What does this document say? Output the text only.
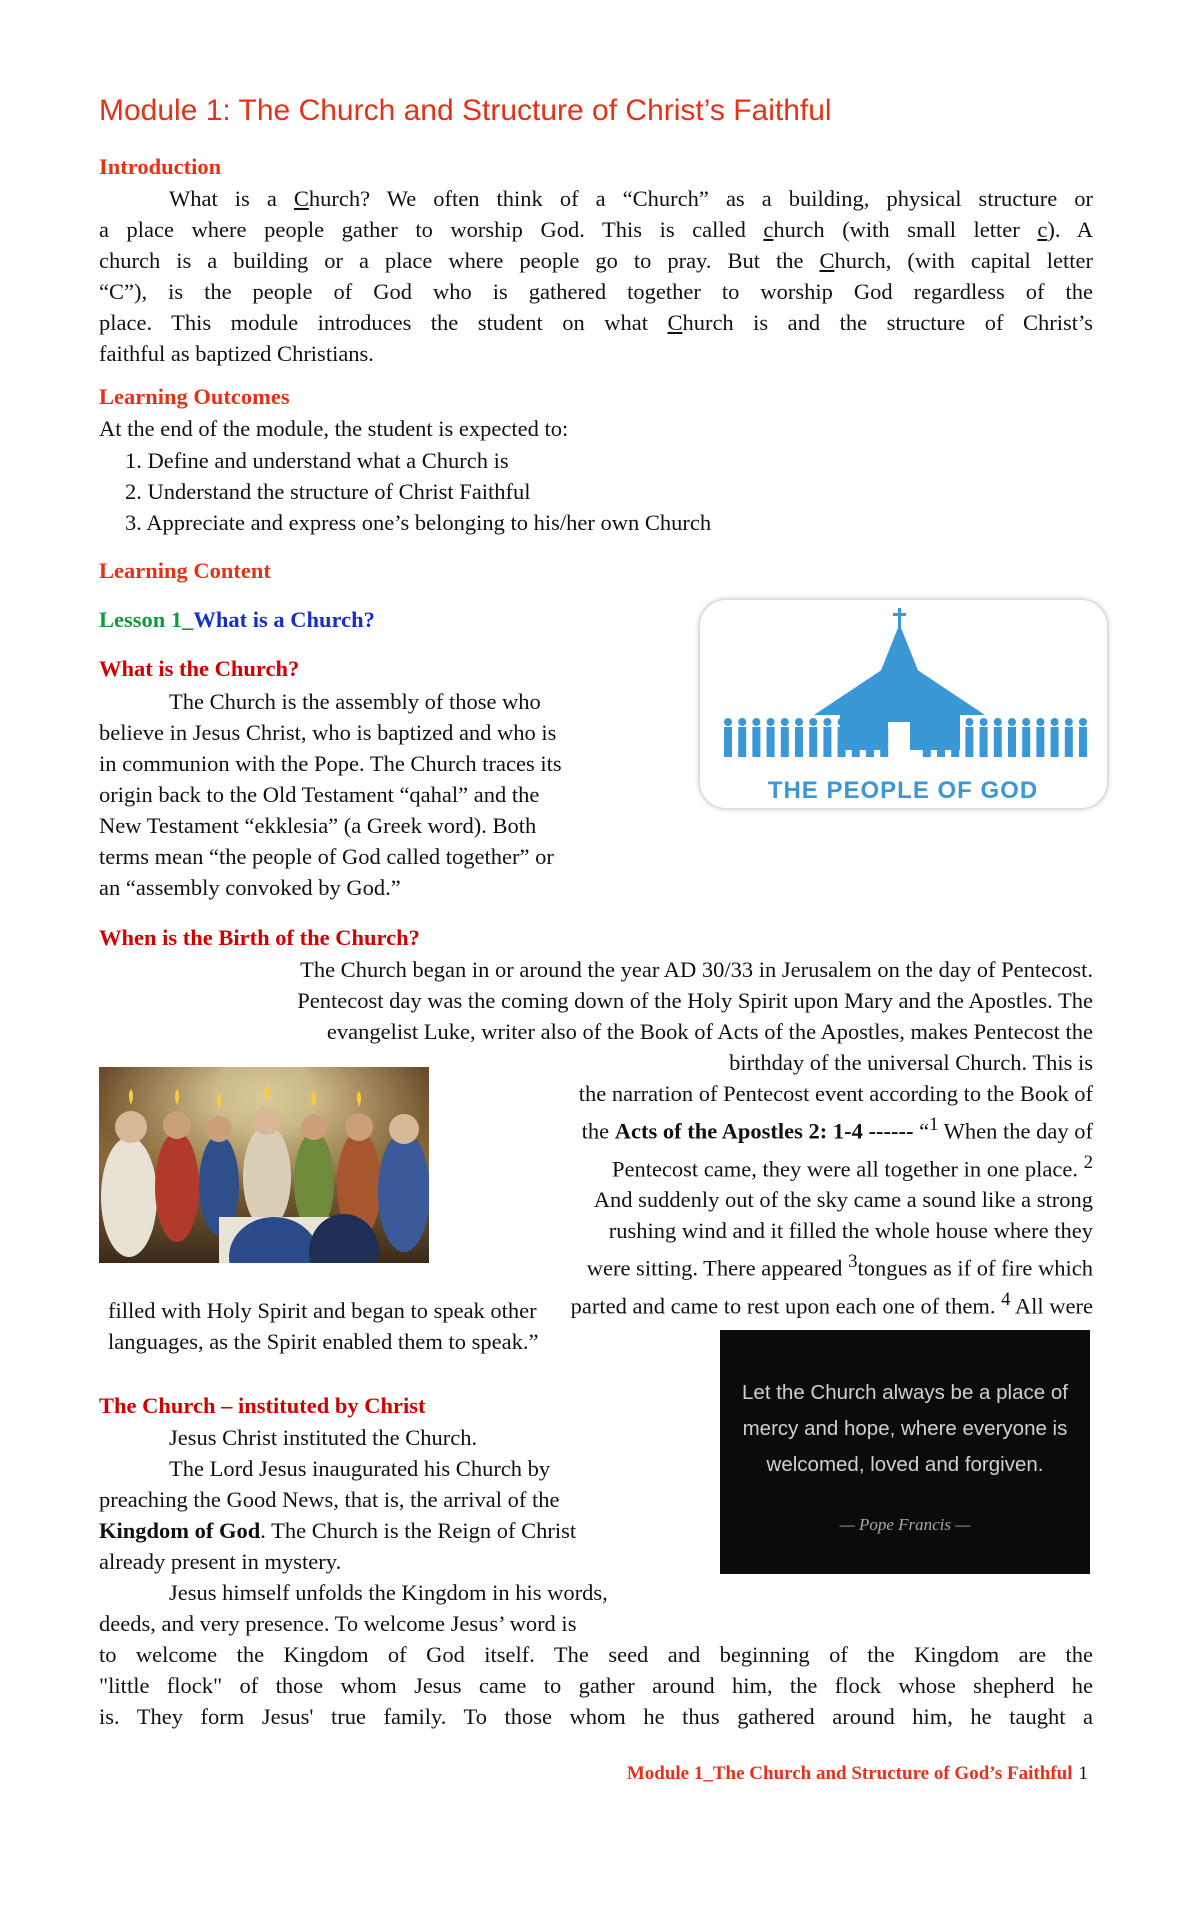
Module 1: The Church and Structure of Christ’s Faithful
Introduction
What is a Church? We often think of a “Church” as a building, physical structure or
a place where people gather to worship God. This is called church (with small letter c). A
church is a building or a place where people go to pray. But the Church, (with capital letter
“C”), is the people of God who is gathered together to worship God regardless of the
place. This module introduces the student on what Church is and the structure of Christ’s
faithful as baptized Christians.
Learning Outcomes
At the end of the module, the student is expected to:
1. Define and understand what a Church is
2. Understand the structure of Christ Faithful
3. Appreciate and express one’s belonging to his/her own Church
Learning Content
Lesson 1_What is a Church?
What is the Church?
The Church is the assembly of those who
believe in Jesus Christ, who is baptized and who is
in communion with the Pope. The Church traces its
origin back to the Old Testament “qahal” and the
New Testament “ekklesia” (a Greek word). Both
terms mean “the people of God called together” or
an “assembly convoked by God.”
THE PEOPLE OF GOD
When is the Birth of the Church?
The Church began in or around the year AD 30/33 in Jerusalem on the day of Pentecost.
Pentecost day was the coming down of the Holy Spirit upon Mary and the Apostles. The
evangelist Luke, writer also of the Book of Acts of the Apostles, makes Pentecost the
birthday of the universal Church. This is
the narration of Pentecost event according to the Book of
the Acts of the Apostles 2: 1-4 ------ “$^1$ When the day of
Pentecost came, they were all together in one place. $^2$
And suddenly out of the sky came a sound like a strong
rushing wind and it filled the whole house where they
were sitting. There appeared $^3$tongues as if of fire which
parted and came to rest upon each one of them. $^4$ All were
filled with Holy Spirit and began to speak other
languages, as the Spirit enabled them to speak.”
Let the Church always be a place of
mercy and hope, where everyone is
welcomed, loved and forgiven.
— Pope Francis —
The Church – instituted by Christ
Jesus Christ instituted the Church.
The Lord Jesus inaugurated his Church by
preaching the Good News, that is, the arrival of the
Kingdom of God. The Church is the Reign of Christ
already present in mystery.
Jesus himself unfolds the Kingdom in his words,
deeds, and very presence. To welcome Jesus’ word is
to welcome the Kingdom of God itself. The seed and beginning of the Kingdom are the
"little flock" of those whom Jesus came to gather around him, the flock whose shepherd he
is. They form Jesus' true family. To those whom he thus gathered around him, he taught a
Module 1_The Church and Structure of God’s Faithful 1
